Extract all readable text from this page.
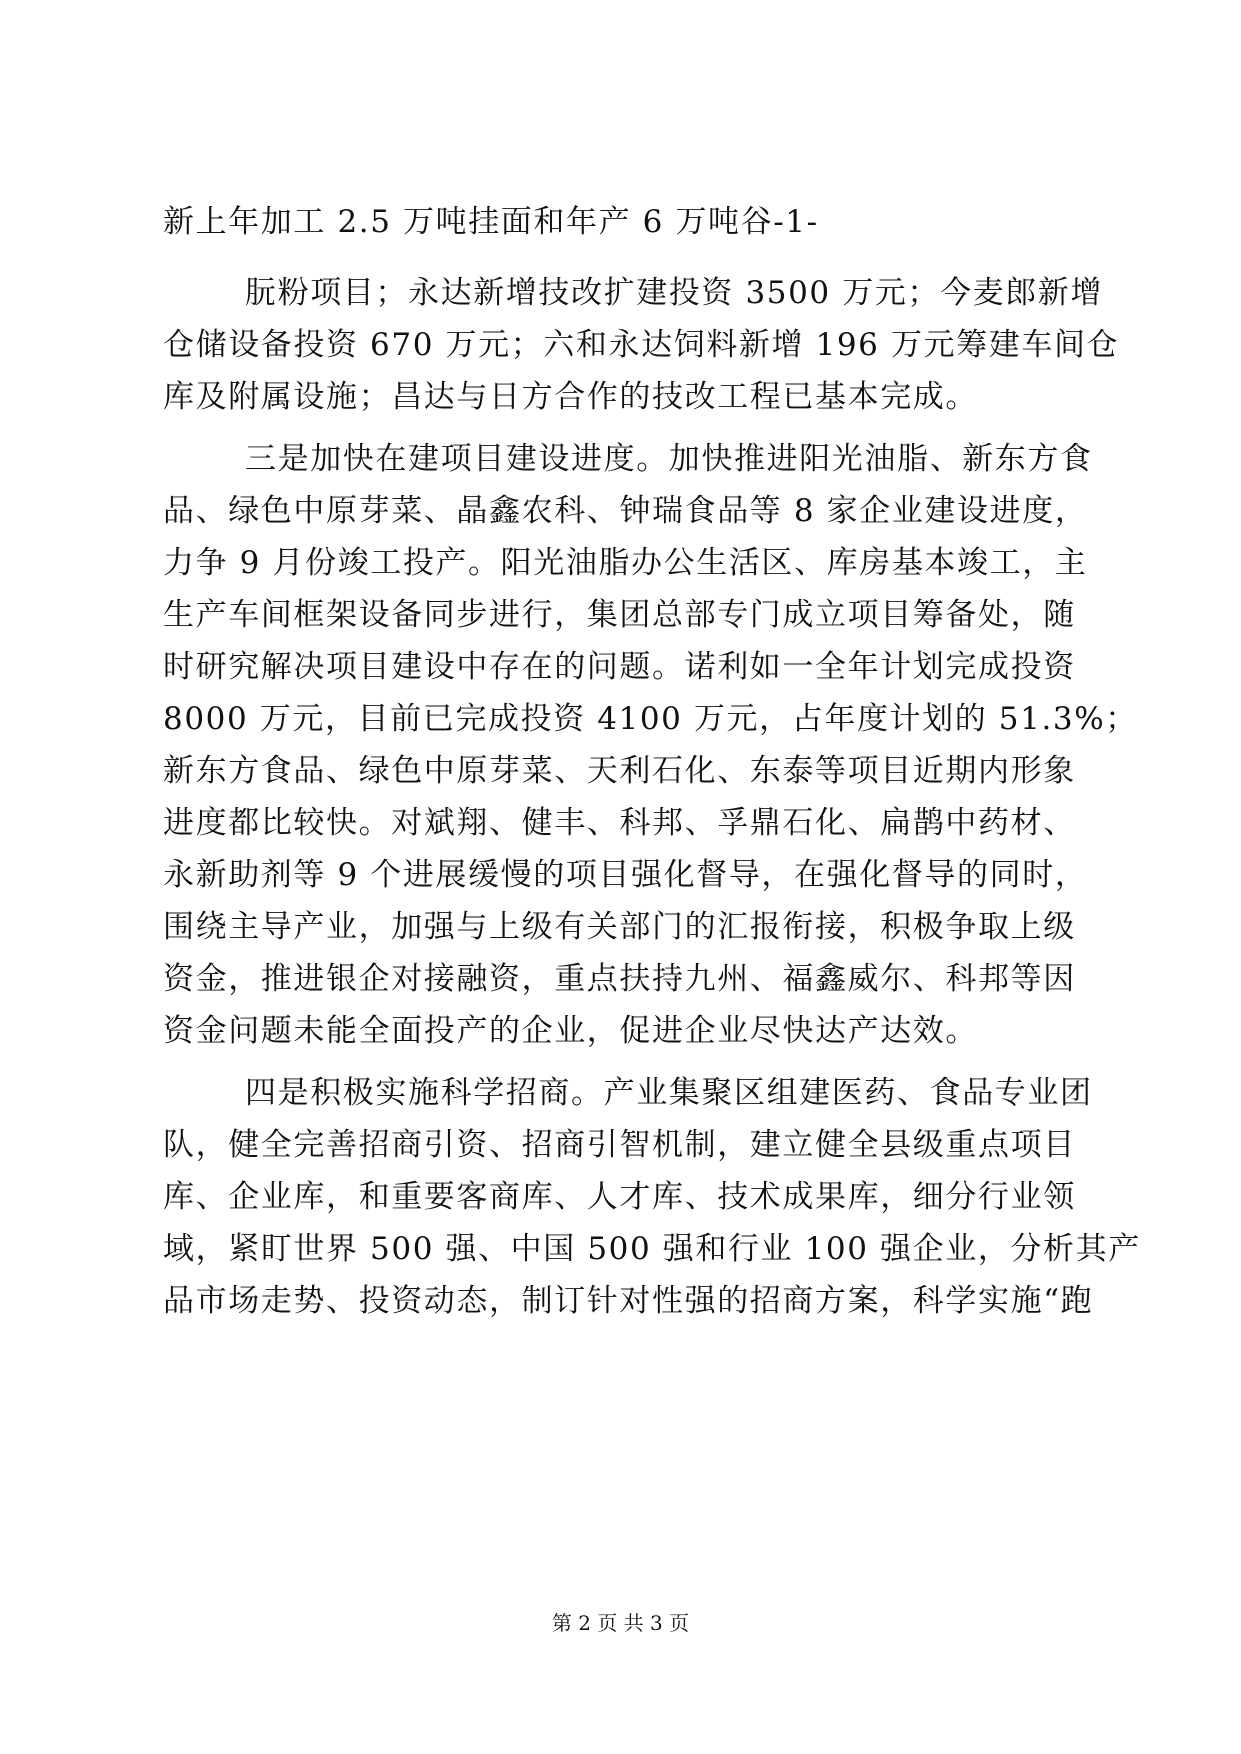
新上年加工 2.5 万吨挂面和年产 6 万吨谷-1-
朊粉项目；永达新增技改扩建投资 3500 万元；今麦郎新增
仓储设备投资 670 万元；六和永达饲料新增 196 万元筹建车间仓
库及附属设施；昌达与日方合作的技改工程已基本完成。
三是加快在建项目建设进度。加快推进阳光油脂、新东方食
品、绿色中原芽菜、晶鑫农科、钟瑞食品等 8 家企业建设进度，
力争 9 月份竣工投产。阳光油脂办公生活区、库房基本竣工，主
生产车间框架设备同步进行，集团总部专门成立项目筹备处，随
时研究解决项目建设中存在的问题。诺利如一全年计划完成投资
8000 万元，目前已完成投资 4100 万元，占年度计划的 51.3%；
新东方食品、绿色中原芽菜、天利石化、东泰等项目近期内形象
进度都比较快。对斌翔、健丰、科邦、孚鼎石化、扁鹊中药材、
永新助剂等 9 个进展缓慢的项目强化督导，在强化督导的同时，
围绕主导产业，加强与上级有关部门的汇报衔接，积极争取上级
资金，推进银企对接融资，重点扶持九州、福鑫威尔、科邦等因
资金问题未能全面投产的企业，促进企业尽快达产达效。
四是积极实施科学招商。产业集聚区组建医药、食品专业团
队，健全完善招商引资、招商引智机制，建立健全县级重点项目
库、企业库，和重要客商库、人才库、技术成果库，细分行业领
域，紧盯世界 500 强、中国 500 强和行业 100 强企业，分析其产
品市场走势、投资动态，制订针对性强的招商方案，科学实施“跑
第 2 页 共 3 页
